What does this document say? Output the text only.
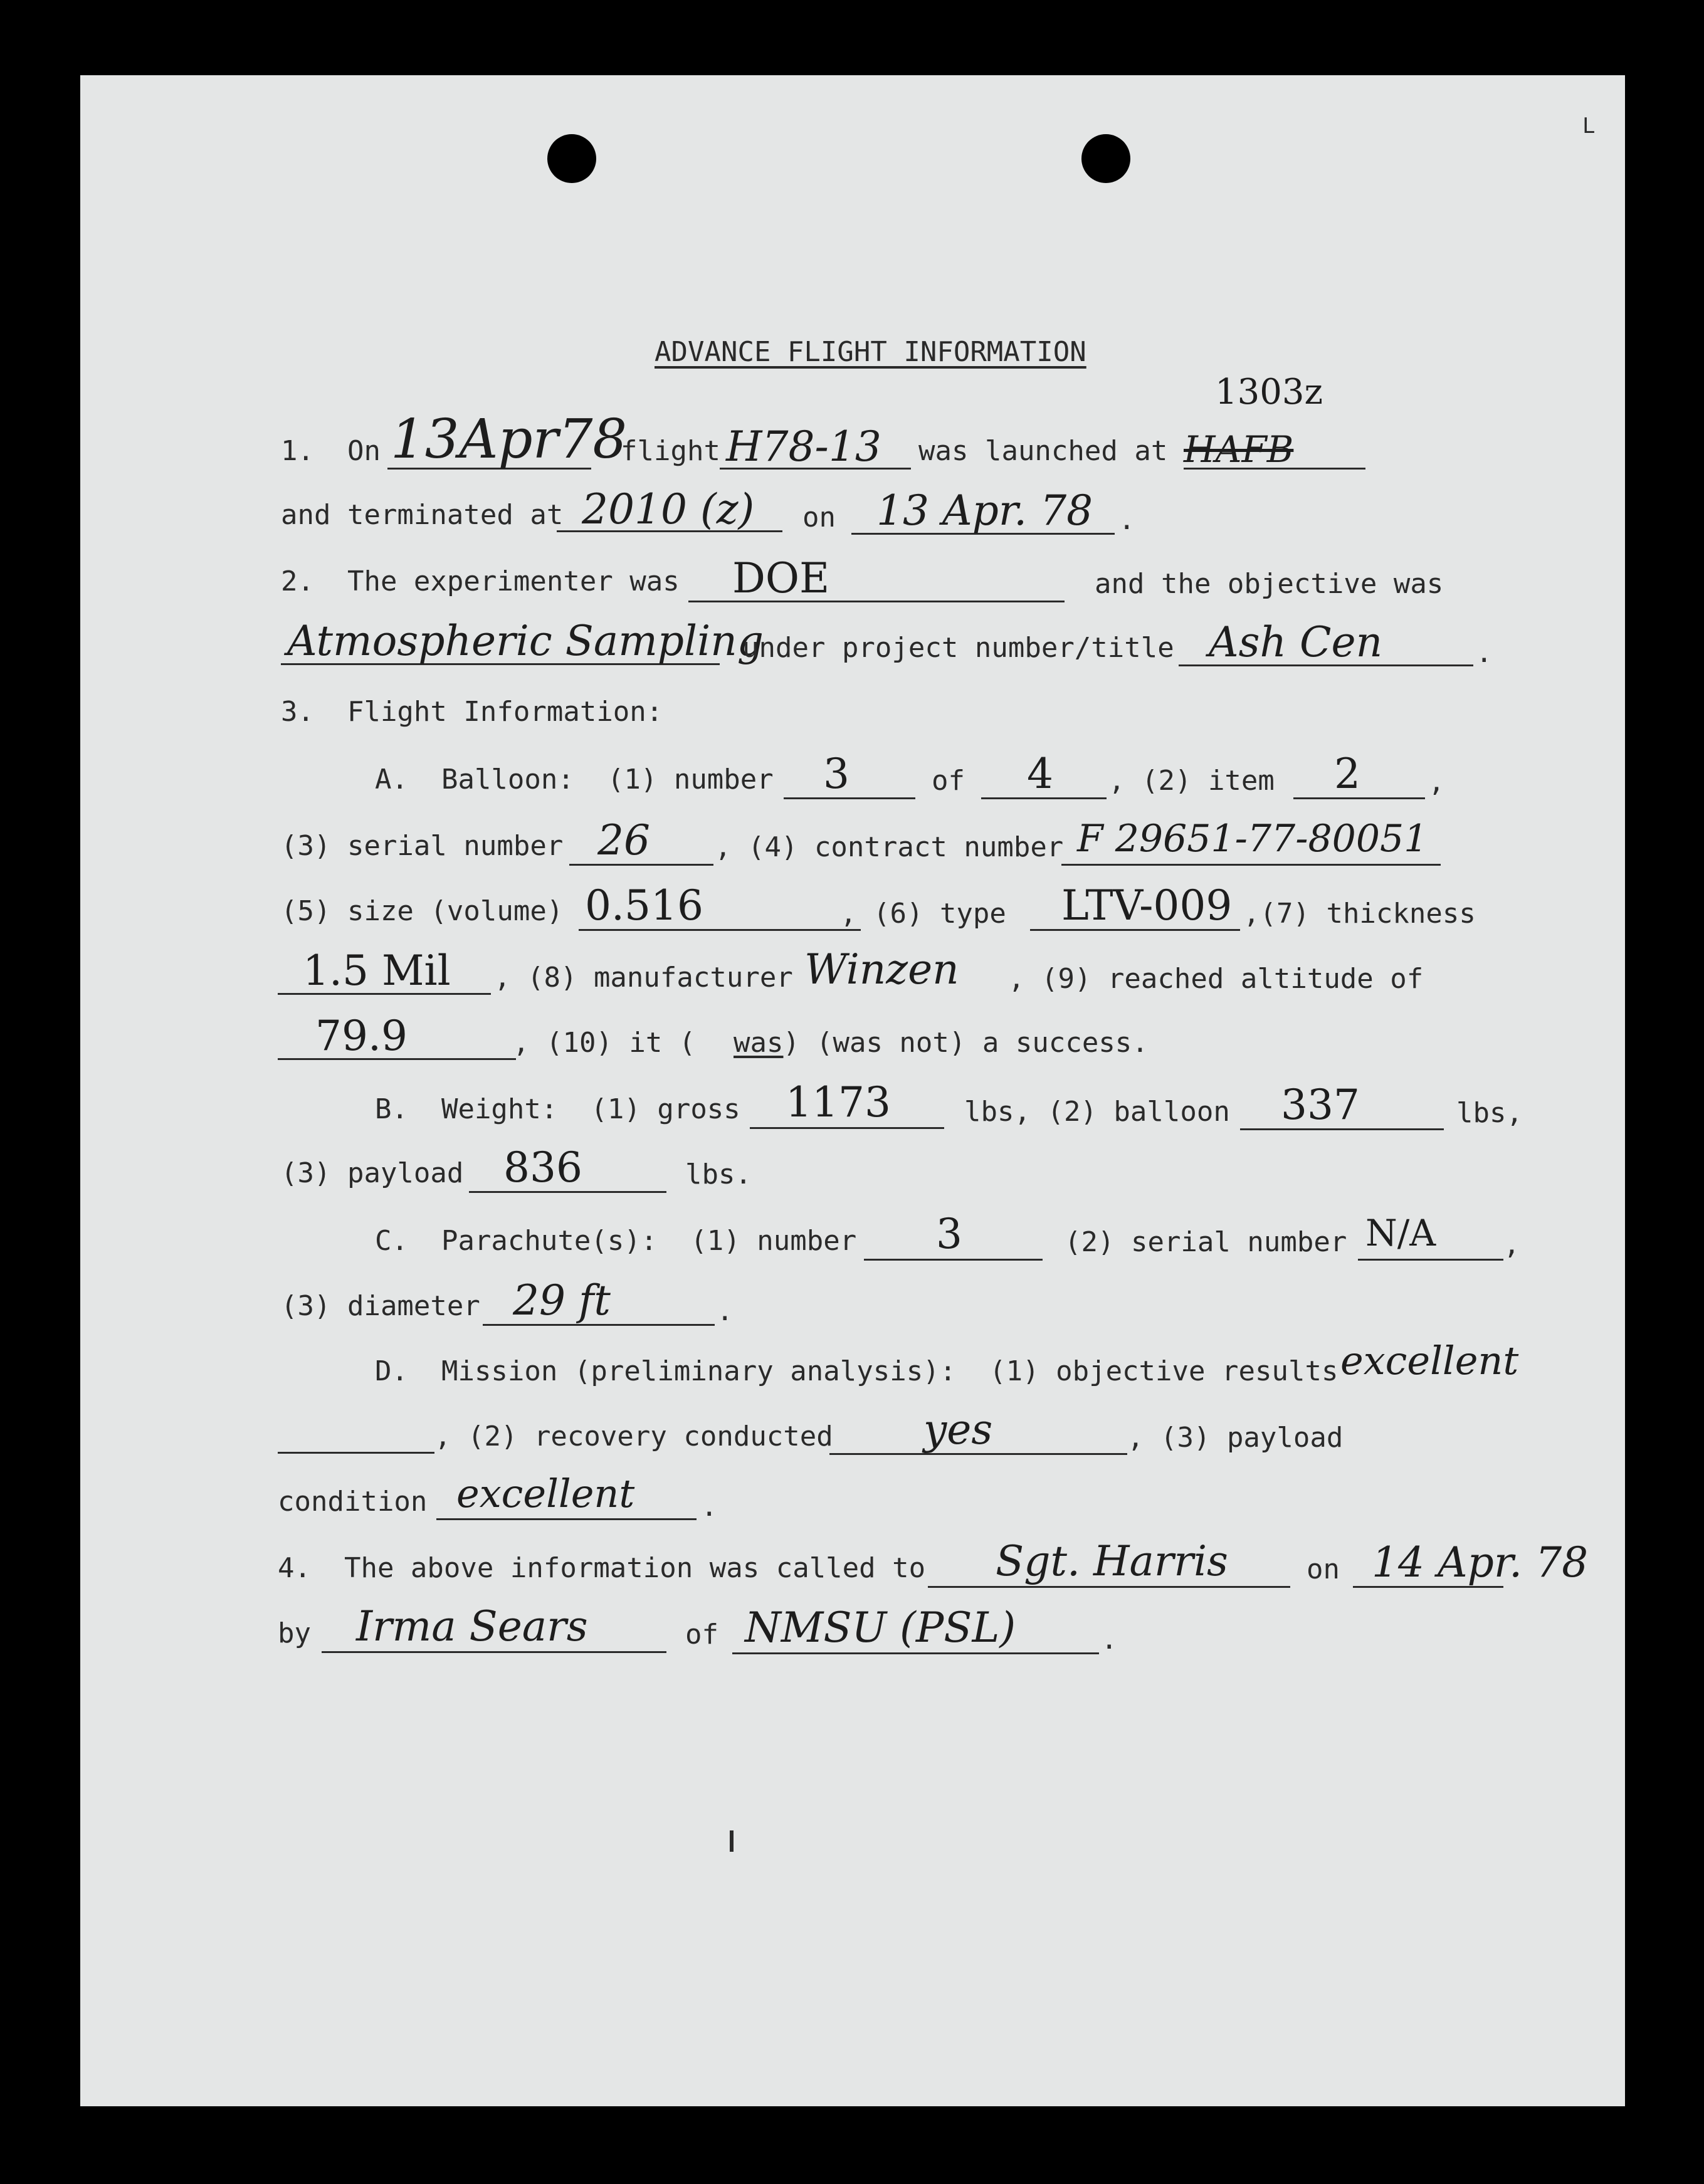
L
ADVANCE FLIGHT INFORMATION
1.  On 13Apr78
flight H78-13 was launched at
1303z
HAFB
and terminated at 2010 (z) on 13 Apr. 78 .
2.  The experimenter was DOE	and the objective was
Atmospheric Sampling
under project number/title Ash Cen	.
3.  Flight Information:
A.  Balloon:  (1) number 3	of 4 , (2) item 2 ,
(3) serial number 26 , (4) contract number F 29651-77-80051
(5) size (volume) 0.516	, (6) type LTV-009 ,(7) thickness
1.5 Mil , (8) manufacturer Winzen , (9) reached altitude of
79.9	, (10) it ( was ) (was not) a success.
B.  Weight:  (1) gross 1173	lbs, (2) balloon 337	lbs,
(3) payload 836	lbs.
C.  Parachute(s):  (1) number 3	(2) serial number N/A ,
(3) diameter 29 ft	.
D.  Mission (preliminary analysis):  (1) objective results excellent
, (2) recovery conducted yes	, (3) payload
condition excellent .
4.  The above information was called to Sgt. Harris	on 14 Apr. 78
by Irma Sears	of NMSU (PSL)	.
